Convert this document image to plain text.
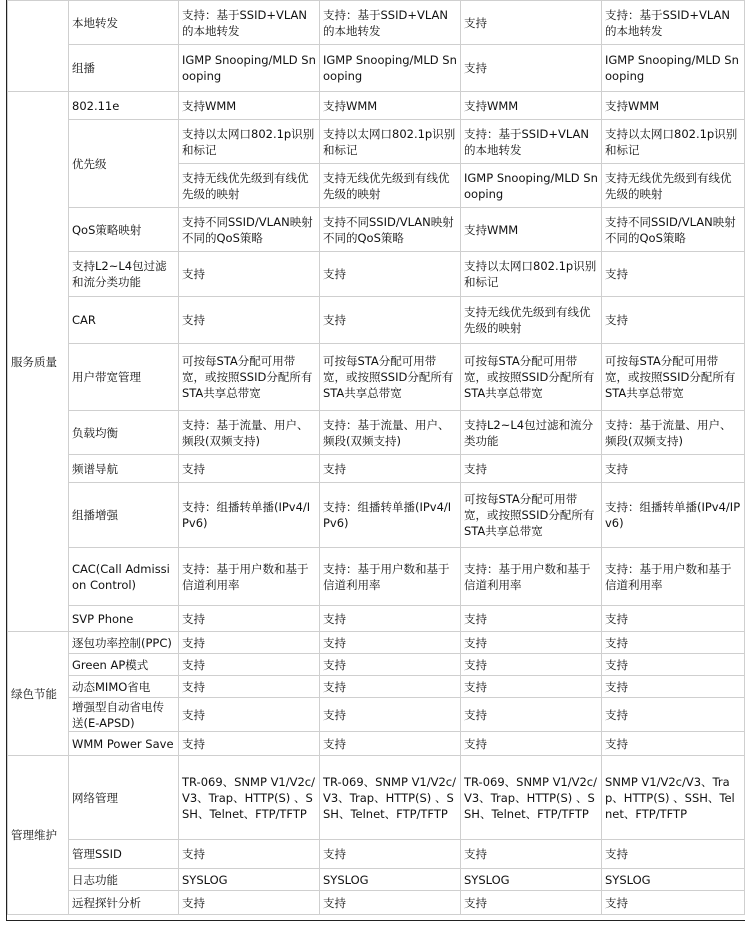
	本地转发	支持：基于SSID+VLAN的本地转发	支持：基于SSID+VLAN的本地转发	支持	支持：基于SSID+VLAN的本地转发
	组播	IGMP Snooping/MLD Snooping	IGMP Snooping/MLD Snooping	支持	IGMP Snooping/MLD Snooping
服务质量	802.11e	支持WMM	支持WMM	支持WMM	支持WMM
	优先级	支持以太网口802.1p识别和标记	支持以太网口802.1p识别和标记	支持：基于SSID+VLAN的本地转发	支持以太网口802.1p识别和标记
		支持无线优先级到有线优先级的映射	支持无线优先级到有线优先级的映射	IGMP Snooping/MLD Snooping	支持无线优先级到有线优先级的映射
	QoS策略映射	支持不同SSID/VLAN映射不同的QoS策略	支持不同SSID/VLAN映射不同的QoS策略	支持WMM	支持不同SSID/VLAN映射不同的QoS策略
	支持L2~L4包过滤和流分类功能	支持	支持	支持以太网口802.1p识别和标记	支持
	CAR	支持	支持	支持无线优先级到有线优先级的映射	支持
	用户带宽管理	可按每STA分配可用带宽，或按照SSID分配所有STA共享总带宽	可按每STA分配可用带宽，或按照SSID分配所有STA共享总带宽	可按每STA分配可用带宽，或按照SSID分配所有STA共享总带宽	可按每STA分配可用带宽，或按照SSID分配所有STA共享总带宽
	负载均衡	支持：基于流量、用户、频段(双频支持)	支持：基于流量、用户、频段(双频支持)	支持L2~L4包过滤和流分类功能	支持：基于流量、用户、频段(双频支持)
	频谱导航	支持	支持	支持	支持
	组播增强	支持：组播转单播(IPv4/IPv6)	支持：组播转单播(IPv4/IPv6)	可按每STA分配可用带宽，或按照SSID分配所有STA共享总带宽	支持：组播转单播(IPv4/IPv6)
	CAC(Call Admission Control)	支持：基于用户数和基于信道利用率	支持：基于用户数和基于信道利用率	支持：基于用户数和基于信道利用率	支持：基于用户数和基于信道利用率
	SVP Phone	支持	支持	支持	支持
绿色节能	逐包功率控制(PPC)	支持	支持	支持	支持
	Green AP模式	支持	支持	支持	支持
	动态MIMO省电	支持	支持	支持	支持
	增强型自动省电传送(E-APSD)	支持	支持	支持	支持
	WMM Power Save	支持	支持	支持	支持
管理维护	网络管理	TR-069、SNMP V1/V2c/V3、Trap、HTTP(S) 、SSH、Telnet、FTP/TFTP	TR-069、SNMP V1/V2c/V3、Trap、HTTP(S) 、SSH、Telnet、FTP/TFTP	TR-069、SNMP V1/V2c/V3、Trap、HTTP(S) 、SSH、Telnet、FTP/TFTP	SNMP V1/V2c/V3、Trap、HTTP(S) 、SSH、Telnet、FTP/TFTP
	管理SSID	支持	支持	支持	支持
	日志功能	SYSLOG	SYSLOG	SYSLOG	SYSLOG
	远程探针分析	支持	支持	支持	支持
